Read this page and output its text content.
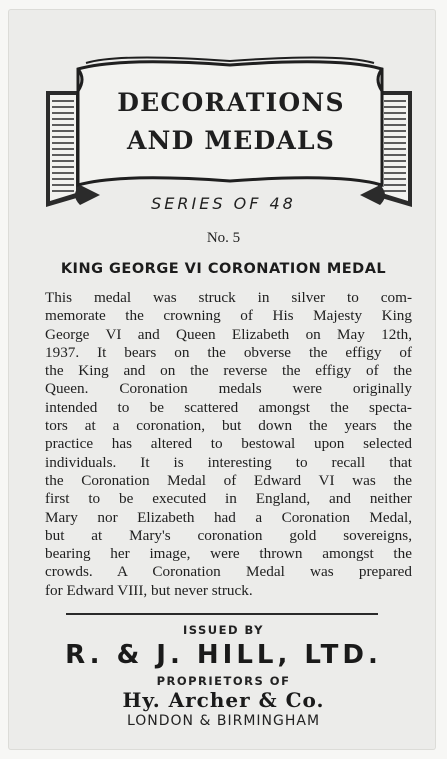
DECORATIONS
AND MEDALS
SERIES OF 48
No. 5
KING GEORGE VI CORONATION MEDAL
This medal was struck in silver to com-
memorate the crowning of His Majesty King
George VI and Queen Elizabeth on May 12th,
1937. It bears on the obverse the effigy of
the King and on the reverse the effigy of the
Queen. Coronation medals were originally
intended to be scattered amongst the specta-
tors at a coronation, but down the years the
practice has altered to bestowal upon selected
individuals. It is interesting to recall that
the Coronation Medal of Edward VI was the
first to be executed in England, and neither
Mary nor Elizabeth had a Coronation Medal,
but at Mary's coronation gold sovereigns,
bearing her image, were thrown amongst the
crowds. A Coronation Medal was prepared
for Edward VIII, but never struck.
ISSUED BY
R. & J. HILL, LTD.
PROPRIETORS OF
Hy. Archer & Co.
LONDON & BIRMINGHAM
